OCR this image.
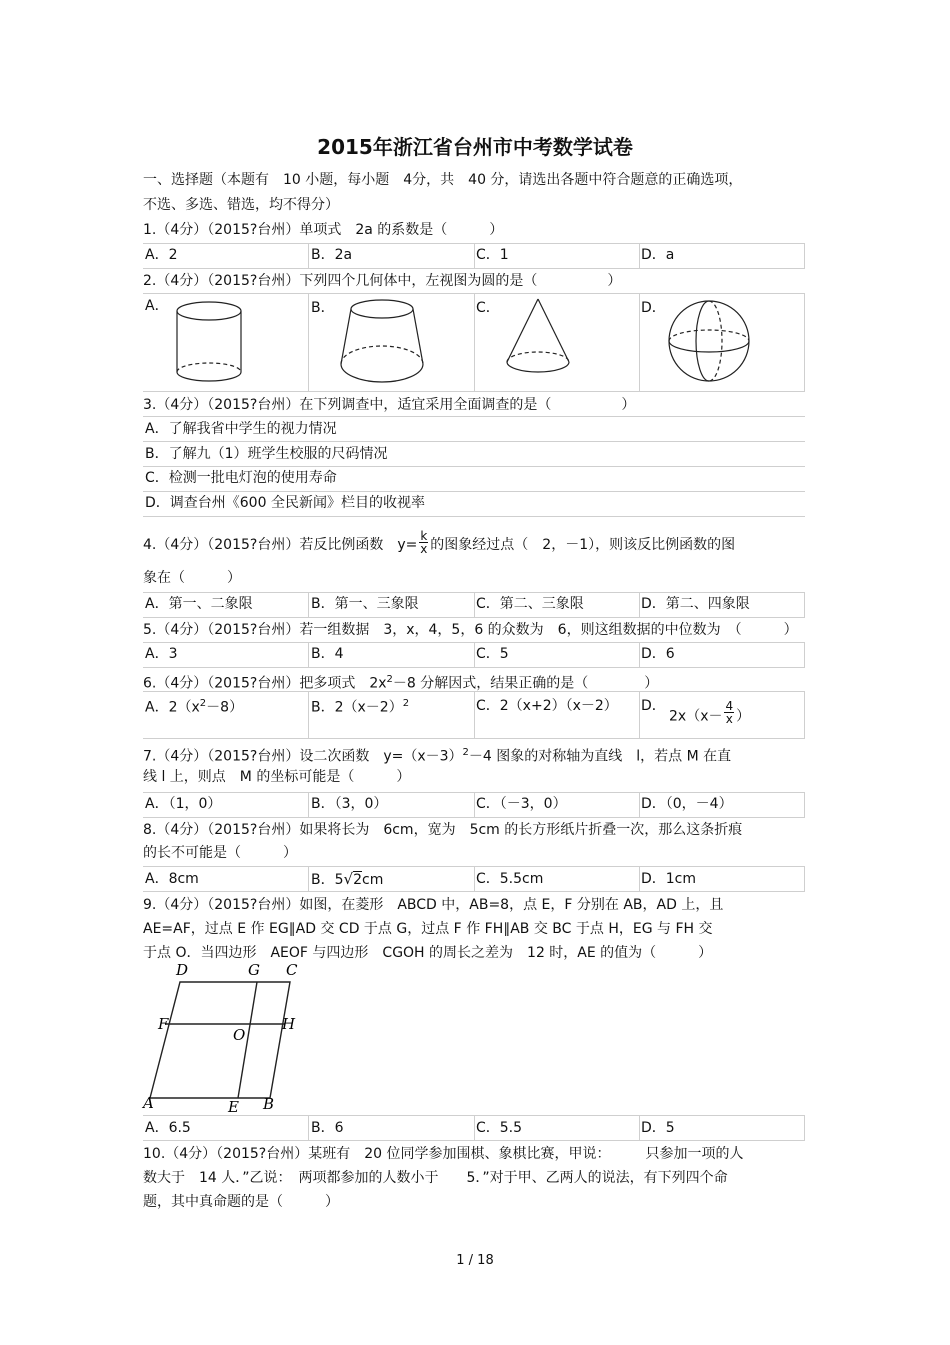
2015年浙江省台州市中考数学试卷
一、选择题（本题有　10 小题，每小题　4分，共　40 分，请选出各题中符合题意的正确选项，
不选、多选、错选，均不得分）
1.（4分）（2015?台州）单项式　2a 的系数是（　　　）
A．2	B．2a	C．1	D．a
2.（4分）（2015?台州）下列四个几何体中，左视图为圆的是（　　　　　）
A．	B．	C．	D．
3.（4分）（2015?台州）在下列调查中，适宜采用全面调查的是（　　　　　）
A．了解我省中学生的视力情况
B．了解九（1）班学生校服的尺码情况
C．检测一批电灯泡的使用寿命
D．调查台州《600 全民新闻》栏目的收视率
4.（4分）（2015?台州）若反比例函数　$y= \frac{k}{x}$ 的图象经过点（　2，－1），则该反比例函数的图
象在（　　　）
A．第一、二象限	B．第一、三象限	C．第二、三象限	D．第二、四象限
5.（4分）（2015?台州）若一组数据　3，x，4，5，6 的众数为　6，则这组数据的中位数为　（　　　）
A．3	B．4	C．5	D．6
6.（4分）（2015?台州）把多项式　$2x^2-8$ 分解因式，结果正确的是（　　　　）
A．$2(x^2-8)$	B．$2(x-2)^2$	C．2（x+2）（x－2） D．
$2x(x- \frac{4}{x}$ ）
7.（4分）（2015?台州）设二次函数　$y=(x-3)^2-4$ 图象的对称轴为直线　l，若点 M 在直
线 l 上，则点　M 的坐标可能是（　　　）
A．（1，0）	B．（3，0）	C．（－3，0）	D．（0，－4）
8.（4分）（2015?台州）如果将长为　6cm，宽为　5cm 的长方形纸片折叠一次，那么这条折痕
的长不可能是（　　　）
A．8cm	B．5√2cm	C．5.5cm	D．1cm
9.（4分）（2015?台州）如图，在菱形　ABCD 中，AB=8，点 E，F 分别在 AB，AD 上，且
AE=AF，过点 E 作 EG∥AD 交 CD 于点 G，过点 F 作 FH∥AB 交 BC 于点 H，EG 与 FH 交
于点 O．当四边形　AEOF 与四边形　CGOH 的周长之差为　12 时，AE 的值为（　　　）
D	G C
F
O
H
A	E B
A．6.5	B．6	C．5.5	D．5
10.（4分）（2015?台州）某班有　20 位同学参加围棋、象棋比赛，甲说：　　　只参加一项的人
数大于　14 人．”乙说：　两项都参加的人数小于　　5．”对于甲、乙两人的说法，有下列四个命
题，其中真命题的是（　　　）
1 / 18
